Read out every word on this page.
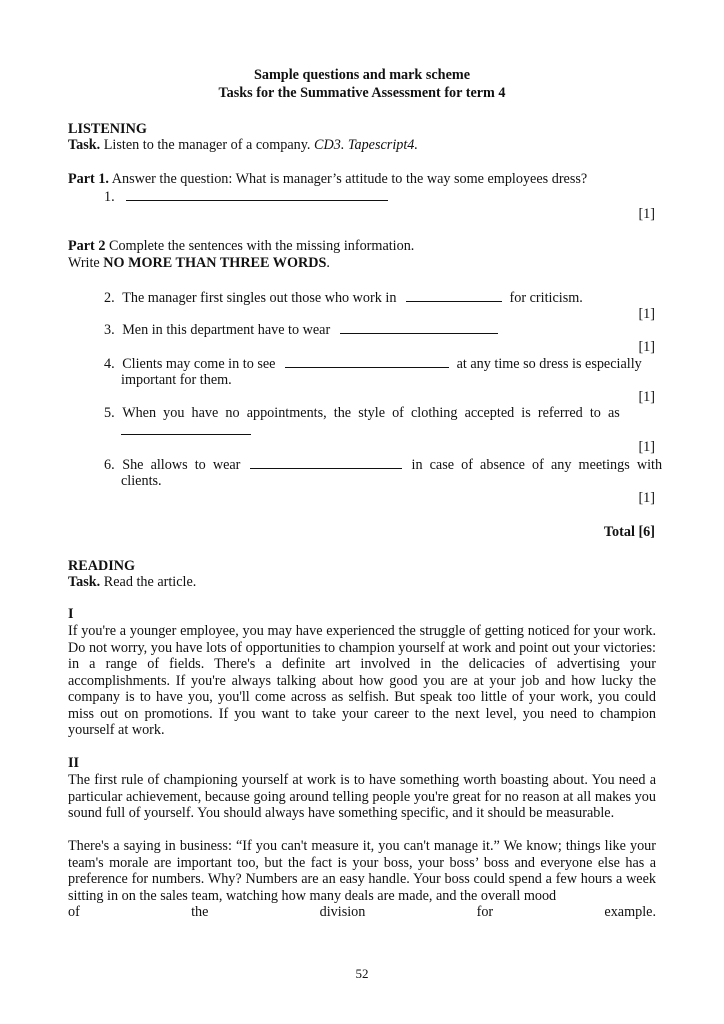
Sample questions and mark scheme
Tasks for the Summative Assessment for term 4
LISTENING
Task. Listen to the manager of a company. CD3. Tapescript4.
Part 1. Answer the question: What is manager’s attitude to the way some employees dress?
1.
[1]
Part 2 Complete the sentences with the missing information.
Write NO MORE THAN THREE WORDS.
2. The manager first singles out those who work in	for criticism.
[1]
3. Men in this department have to wear
[1]
4. Clients may come in to see	at any time so dress is especially
important for them.
[1]
5. When  you  have  no  appointments,  the  style  of  clothing  accepted  is  referred  to  as
[1]
6. She  allows  to  wear	in  case  of  absence  of  any  meetings  with
clients.
[1]
Total [6]
READING
Task. Read the article.
I
If you're a younger employee, you may have experienced the struggle of getting noticed for your work. Do not worry, you have lots of opportunities to champion yourself at work and point out your victories: in a range of fields. There's a definite art involved in the delicacies of advertising your accomplishments. If you're always talking about how good you are at your job and how lucky the company is to have you, you'll come across as selfish. But speak too little of your work, you could miss out on promotions. If you want to take your career to the next level, you need to champion yourself at work.
II
The first rule of championing yourself at work is to have something worth boasting about. You need a particular achievement, because going around telling people you're great for no reason at all makes you sound full of yourself. You should always have something specific, and it should be measurable.
There's a saying in business: “If you can't measure it, you can't manage it.” We know; things like your team's morale are important too, but the fact is your boss, your boss’ boss and everyone else has a preference for numbers. Why? Numbers are an easy handle. Your boss could spend a few hours a week sitting in on the sales team, watching how many deals are made, and the overall mood
of	the	division	for	example.
52
